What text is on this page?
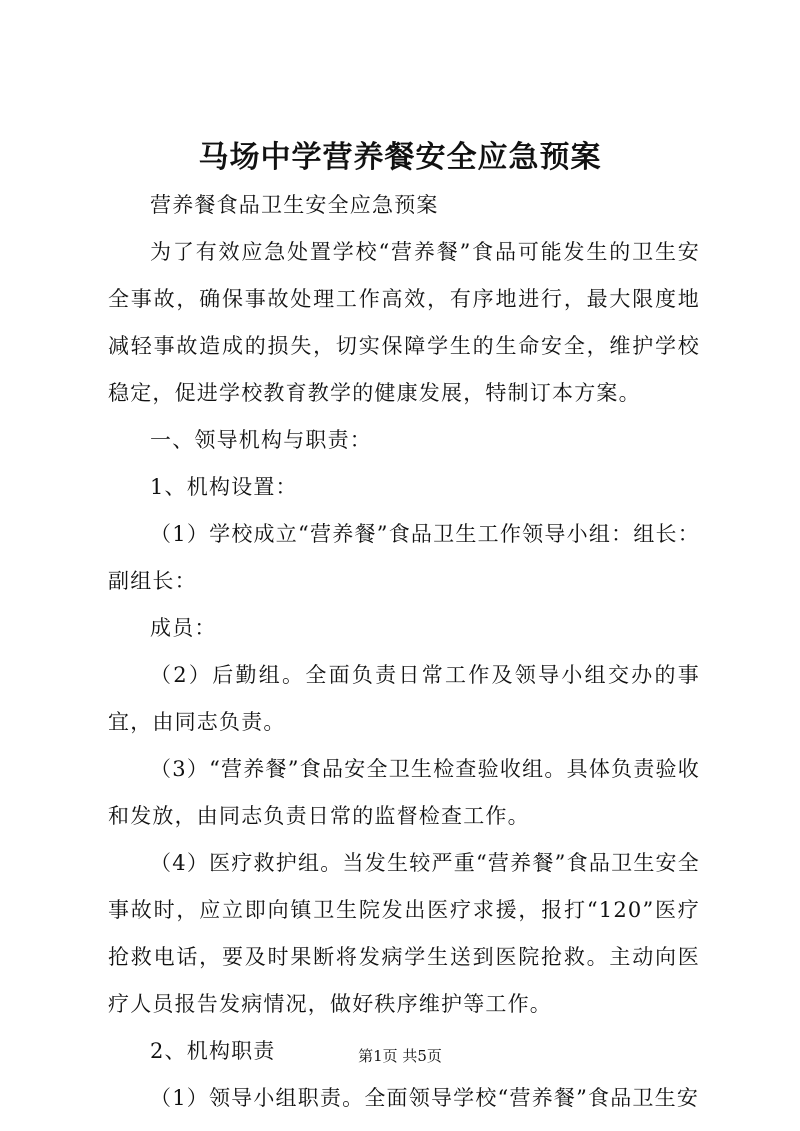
马场中学营养餐安全应急预案

营养餐食品卫生安全应急预案

为了有效应急处置学校“营养餐”食品可能发生的卫生安全事故，确保事故处理工作高效，有序地进行，最大限度地减轻事故造成的损失，切实保障学生的生命安全，维护学校稳定，促进学校教育教学的健康发展，特制订本方案。

一、领导机构与职责：

1、机构设置：

（1）学校成立“营养餐”食品卫生工作领导小组：组长：副组长：

成员：

（2）后勤组。全面负责日常工作及领导小组交办的事宜，由同志负责。

（3）“营养餐”食品安全卫生检查验收组。具体负责验收和发放，由同志负责日常的监督检查工作。

（4）医疗救护组。当发生较严重“营养餐”食品卫生安全事故时，应立即向镇卫生院发出医疗求援，报打“120”医疗抢救电话，要及时果断将发病学生送到医院抢救。主动向医疗人员报告发病情况，做好秩序维护等工作。

2、机构职责

（1）领导小组职责。全面领导学校“营养餐”食品卫生安

第1页 共5页
